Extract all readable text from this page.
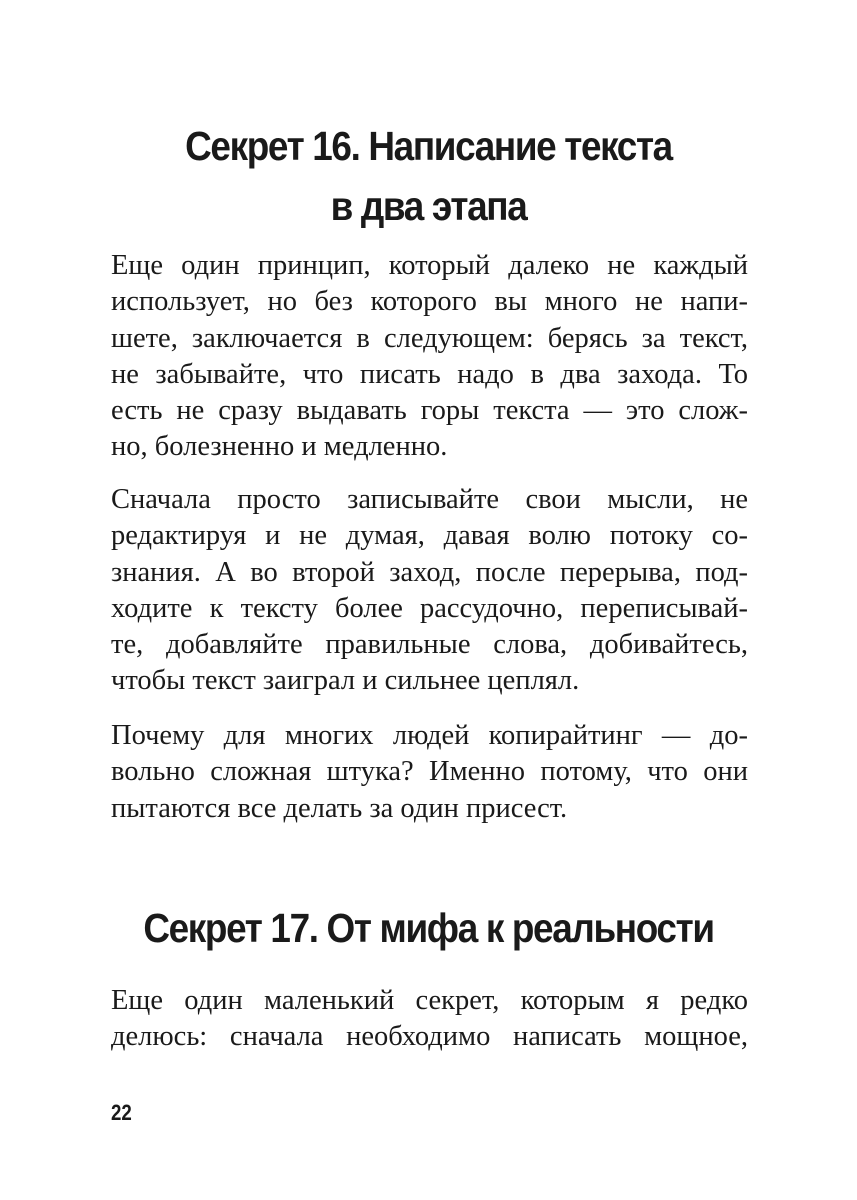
Секрет 16. Написание текста
в два этапа

Еще один принцип, который далеко не каждый
использует, но без которого вы много не напи-
шете, заключается в следующем: берясь за текст,
не забывайте, что писать надо в два захода. То
есть не сразу выдавать горы текста — это слож-
но, болезненно и медленно.

Сначала просто записывайте свои мысли, не
редактируя и не думая, давая волю потоку со-
знания. А во второй заход, после перерыва, под-
ходите к тексту более рассудочно, переписывай-
те, добавляйте правильные слова, добивайтесь,
чтобы текст заиграл и сильнее цеплял.

Почему для многих людей копирайтинг — до-
вольно сложная штука? Именно потому, что они
пытаются все делать за один присест.

Секрет 17. От мифа к реальности

Еще один маленький секрет, которым я редко
делюсь: сначала необходимо написать мощное,

22
